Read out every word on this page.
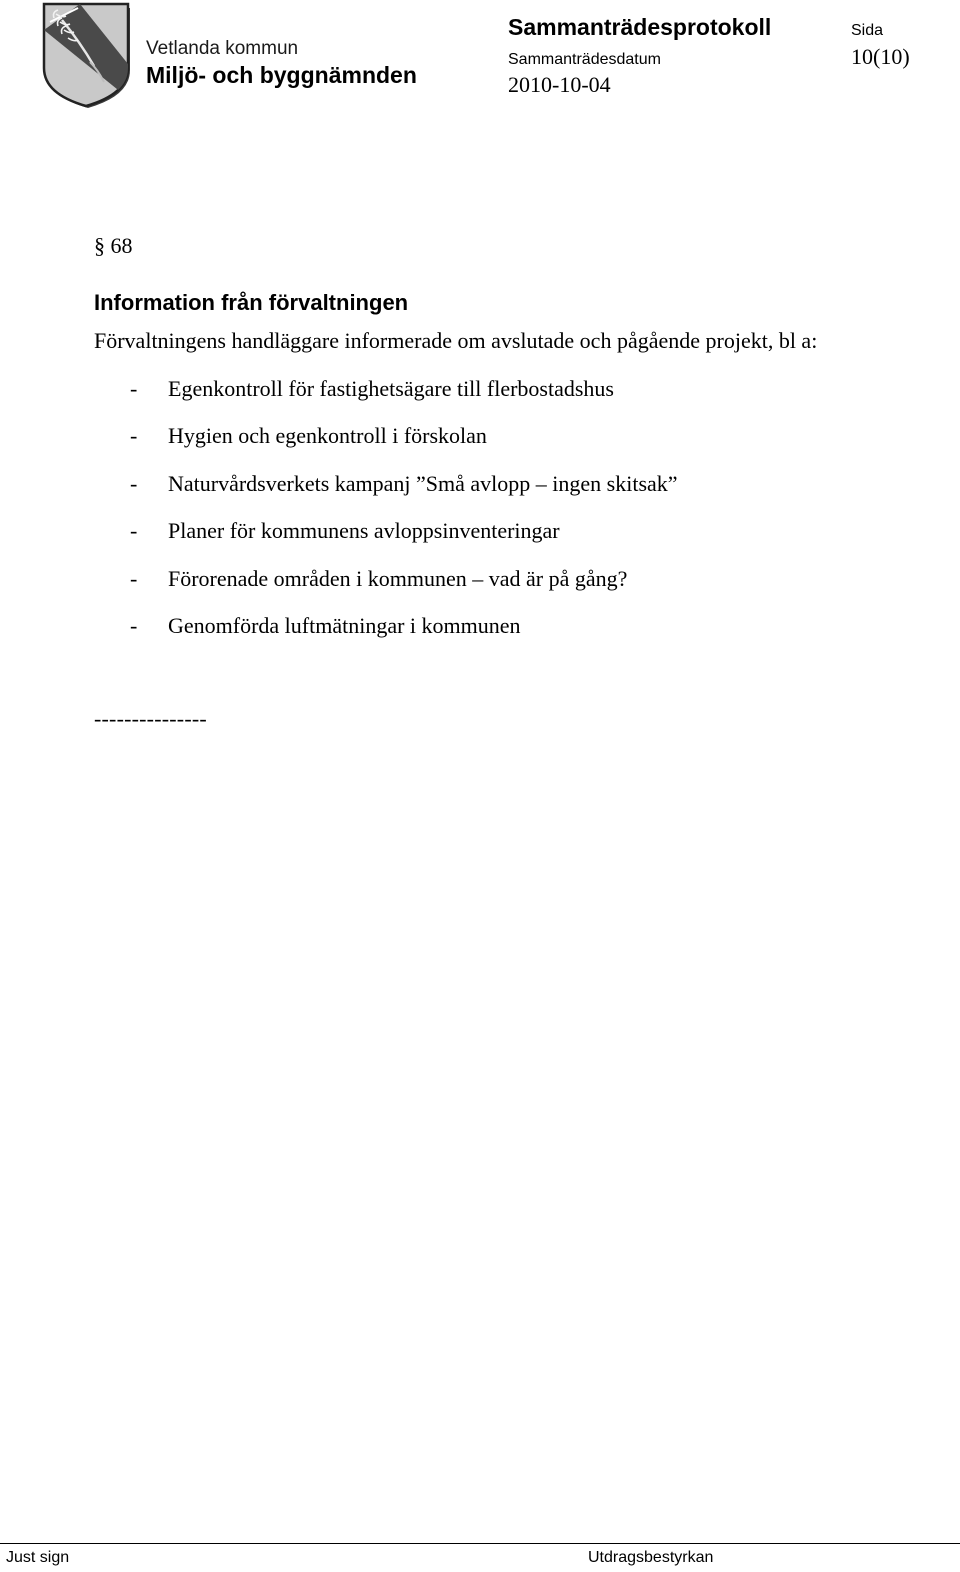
Vetlanda kommun
Miljö- och byggnämnden
Sammanträdesprotokoll
Sammanträdesdatum
2010-10-04
Sida
10(10)
§ 68
Information från förvaltningen
Förvaltningens handläggare informerade om avslutade och pågående projekt, bl a:
- Egenkontroll för fastighetsägare till flerbostadshus
- Hygien och egenkontroll i förskolan
- Naturvårdsverkets kampanj ”Små avlopp – ingen skitsak”
- Planer för kommunens avloppsinventeringar
- Förorenade områden i kommunen – vad är på gång?
- Genomförda luftmätningar i kommunen
---------------
Just sign	Utdragsbestyrkan
